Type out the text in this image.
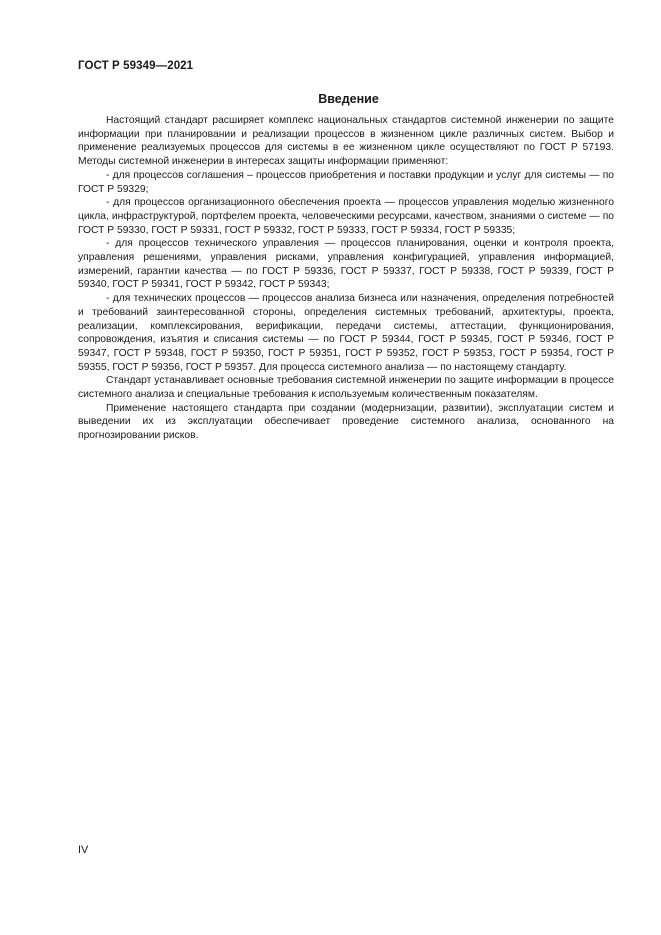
ГОСТ Р 59349—2021
Введение

Настоящий стандарт расширяет комплекс национальных стандартов системной инженерии по защите информации при планировании и реализации процессов в жизненном цикле различных систем. Выбор и применение реализуемых процессов для системы в ее жизненном цикле осуществляют по ГОСТ Р 57193. Методы системной инженерии в интересах защиты информации применяют:

- для процессов соглашения – процессов приобретения и поставки продукции и услуг для системы — по ГОСТ Р 59329;

- для процессов организационного обеспечения проекта — процессов управления моделью жизненного цикла, инфраструктурой, портфелем проекта, человеческими ресурсами, качеством, знаниями о системе — по ГОСТ Р 59330, ГОСТ Р 59331, ГОСТ Р 59332, ГОСТ Р 59333, ГОСТ Р 59334, ГОСТ Р 59335;

- для процессов технического управления — процессов планирования, оценки и контроля проекта, управления решениями, управления рисками, управления конфигурацией, управления информацией, измерений, гарантии качества — по ГОСТ Р 59336, ГОСТ Р 59337, ГОСТ Р 59338, ГОСТ Р 59339, ГОСТ Р 59340, ГОСТ Р 59341, ГОСТ Р 59342, ГОСТ Р 59343;

- для технических процессов — процессов анализа бизнеса или назначения, определения потребностей и требований заинтересованной стороны, определения системных требований, архитектуры, проекта, реализации, комплексирования, верификации, передачи системы, аттестации, функционирования, сопровождения, изъятия и списания системы — по ГОСТ Р 59344, ГОСТ Р 59345, ГОСТ Р 59346, ГОСТ Р 59347, ГОСТ Р 59348, ГОСТ Р 59350, ГОСТ Р 59351, ГОСТ Р 59352, ГОСТ Р 59353, ГОСТ Р 59354, ГОСТ Р 59355, ГОСТ Р 59356, ГОСТ Р 59357. Для процесса системного анализа — по настоящему стандарту.

Стандарт устанавливает основные требования системной инженерии по защите информации в процессе системного анализа и специальные требования к используемым количественным показателям.

Применение настоящего стандарта при создании (модернизации, развитии), эксплуатации систем и выведении их из эксплуатации обеспечивает проведение системного анализа, основанного на прогнозировании рисков.

IV
